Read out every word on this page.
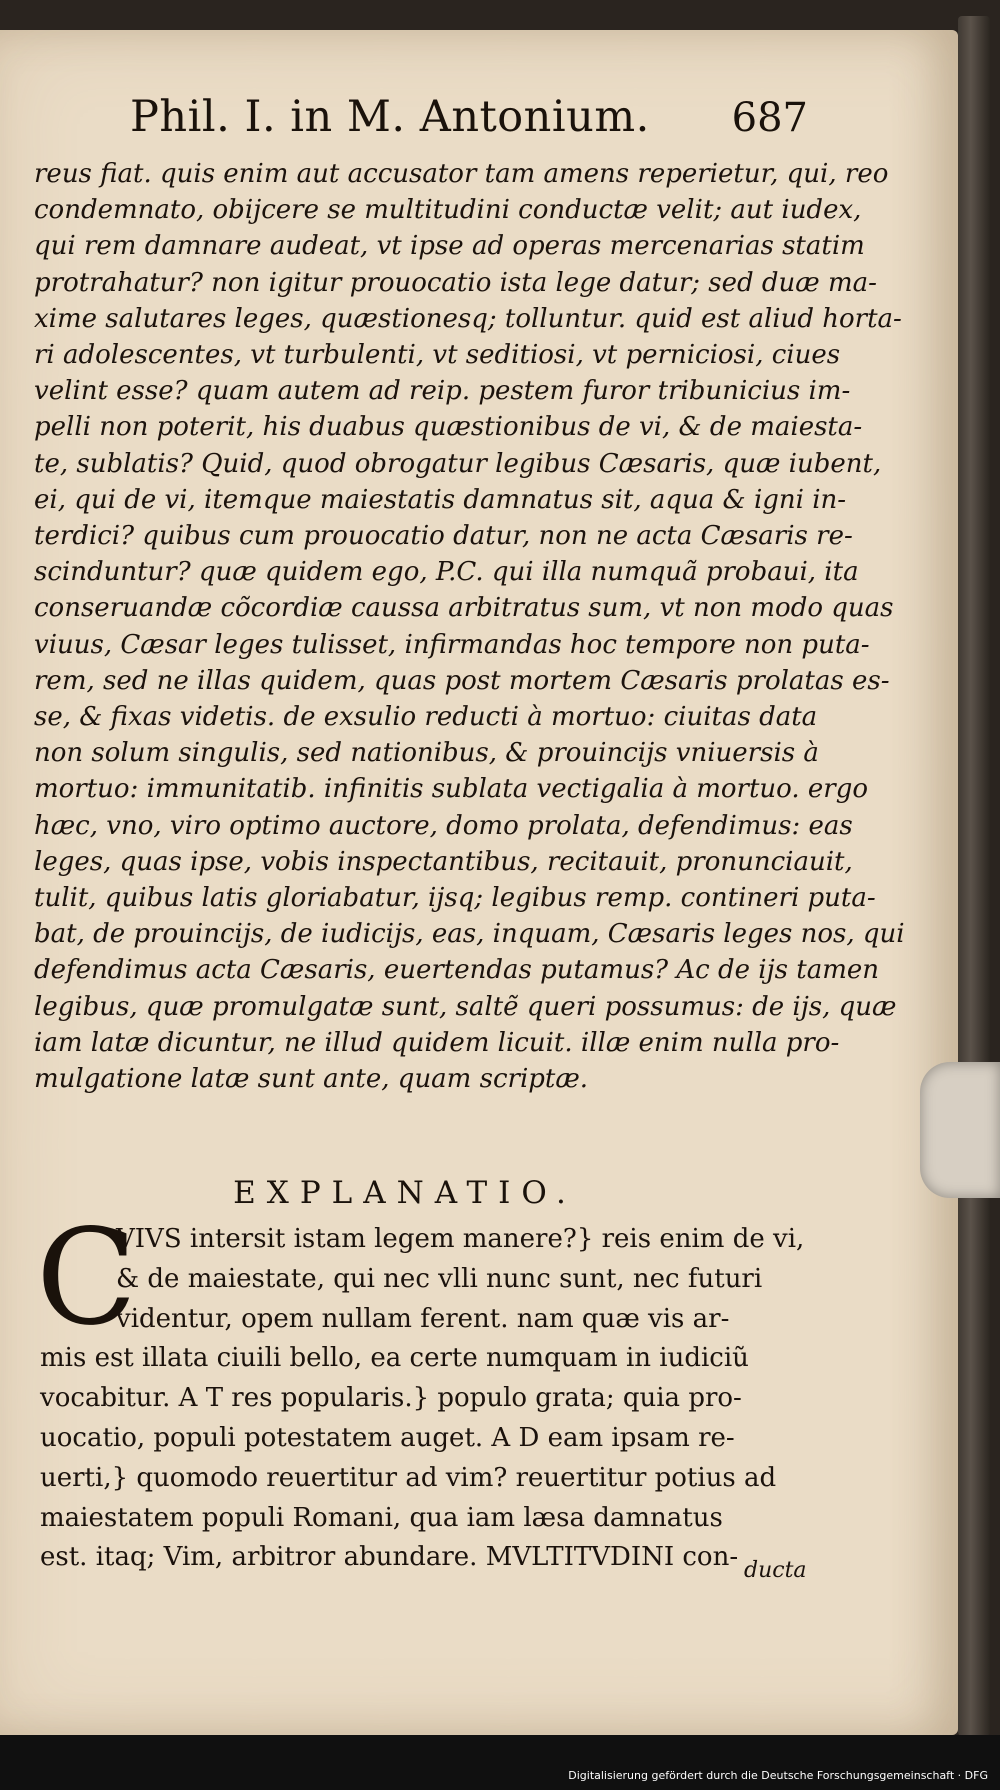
Phil. I. in M. Antonium. 687
reus fiat. quis enim aut accusator tam amens reperietur, qui, reo
condemnato, obijcere se multitudini conductæ velit; aut iudex,
qui rem damnare audeat, vt ipse ad operas mercenarias statim
protrahatur? non igitur prouocatio ista lege datur; sed duæ ma-
xime salutares leges, quæstionesq; tolluntur. quid est aliud horta-
ri adolescentes, vt turbulenti, vt seditiosi, vt perniciosi, ciues
velint esse? quam autem ad reip. pestem furor tribunicius im-
pelli non poterit, his duabus quæstionibus de vi, & de maiesta-
te, sublatis? Quid, quod obrogatur legibus Cæsaris, quæ iubent,
ei, qui de vi, itemque maiestatis damnatus sit, aqua & igni in-
terdici? quibus cum prouocatio datur, non ne acta Cæsaris re-
scinduntur? quæ quidem ego, P.C. qui illa numquã probaui, ita
conseruandæ cõcordiæ caussa arbitratus sum, vt non modo quas
viuus, Cæsar leges tulisset, infirmandas hoc tempore non puta-
rem, sed ne illas quidem, quas post mortem Cæsaris prolatas es-
se, & fixas videtis. de exsulio reducti à mortuo: ciuitas data
non solum singulis, sed nationibus, & prouincijs vniuersis à
mortuo: immunitatib. infinitis sublata vectigalia à mortuo. ergo
hæc, vno, viro optimo auctore, domo prolata, defendimus: eas
leges, quas ipse, vobis inspectantibus, recitauit, pronunciauit,
tulit, quibus latis gloriabatur, ijsq; legibus remp. contineri puta-
bat, de prouincijs, de iudicijs, eas, inquam, Cæsaris leges nos, qui
defendimus acta Cæsaris, euertendas putamus? Ac de ijs tamen
legibus, quæ promulgatæ sunt, saltẽ queri possumus: de ijs, quæ
iam latæ dicuntur, ne illud quidem licuit. illæ enim nulla pro-
mulgatione latæ sunt ante, quam scriptæ.
EXPLANATIO.
C
VIVS intersit istam legem manere?} reis enim de vi,
& de maiestate, qui nec vlli nunc sunt, nec futuri
videntur, opem nullam ferent. nam quæ vis ar-
mis est illata ciuili bello, ea certe numquam in iudiciũ
vocabitur. A T res popularis.} populo grata; quia pro-
uocatio, populi potestatem auget. A D eam ipsam re-
uerti,} quomodo reuertitur ad vim? reuertitur potius ad
maiestatem populi Romani, qua iam læsa damnatus
est. itaq; Vim, arbitror abundare. MVLTITVDINI con- ducta
Digitalisierung gefördert durch die Deutsche Forschungsgemeinschaft · DFG
